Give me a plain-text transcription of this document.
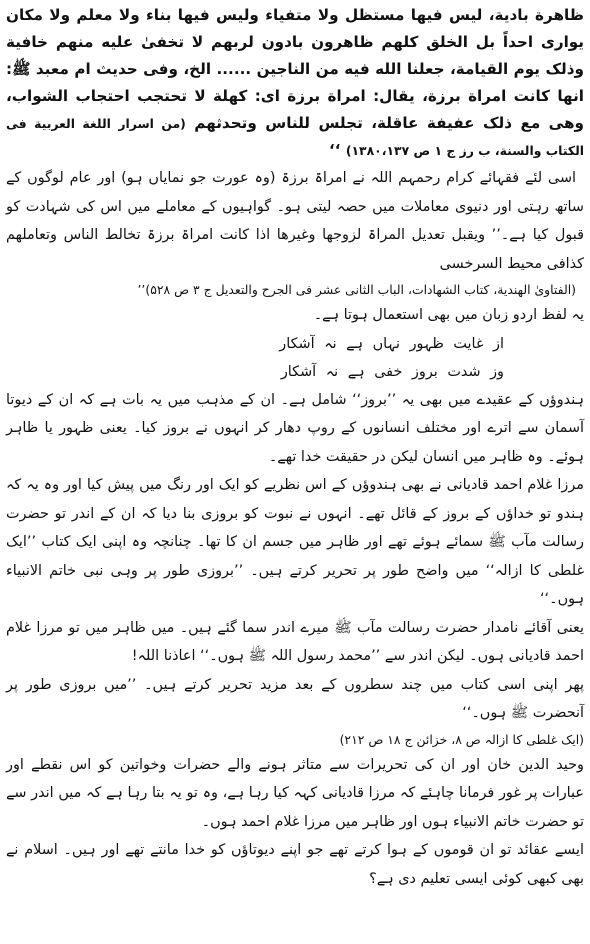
ظاھرة بادیة، لیس فیھا مستظل ولا متفیاء ولیس فیھا بناء ولا معلم ولا مکان یواری احداً بل الخلق کلھم ظاھرون بادون لربھم لا تخفیٰ علیه منھم خافیة وذلک یوم القیامة، جعلنا الله فیه من الناجین ...... الخ، وفی حدیث ام معبد ﷺ: انھا کانت امراة برزة، یقال: امراة برزة ای: کھلة لا تحتجب احتجاب الشواب، وھی مع ذلک عفیفة عاقلة، تجلس للناس وتحدثھم (من اسرار اللغة العربیة فی الکتاب والسنة، ب رز ج ۱ ص ۱۳۸۰،۱۳۷) ‘‘

اسی لئے فقہائے کرام رحمہم اللہ نے امراۃ برزۃ (وہ عورت جو نمایاں ہو) اور عام لوگوں کے ساتھ رہتی اور دنیوی معاملات میں حصہ لیتی ہو۔ گواہیوں کے معاملے میں اس کی شہادت کو قبول کیا ہے۔’’ ویقبل تعدیل المراۃ لزوجھا وغیرھا اذا کانت امراۃ برزۃ تخالط الناس وتعاملھم کذافی محیط السرخسی
(الفتاویٰ الھندیة، کتاب الشھادات، الباب الثانی عشر فی الجرح والتعدیل ج ۳ ص ۵۲۸)’’

یہ لفظ اردو زبان میں بھی استعمال ہوتا ہے۔

از غایت ظہور نہاں ہے نہ آشکار
وز شدت بروز خفی ہے نہ آشکار

ہندوؤں کے عقیدے میں بھی یہ ’’بروز‘‘ شامل ہے۔ ان کے مذہب میں یہ بات ہے کہ ان کے دیوتا آسمان سے اترے اور مختلف انسانوں کے روپ دھار کر انہوں نے بروز کیا۔ یعنی ظہور یا ظاہر ہوئے۔ وہ ظاہر میں انسان لیکن در حقیقت خدا تھے۔

مرزا غلام احمد قادیانی نے بھی ہندوؤں کے اس نظریے کو ایک اور رنگ میں پیش کیا اور وہ یہ کہ ہندو تو خداؤں کے بروز کے قائل تھے۔ انہوں نے نبوت کو بروزی بنا دیا کہ ان کے اندر تو حضرت رسالت مآب ﷺ سمائے ہوئے تھے اور ظاہر میں جسم ان کا تھا۔ چنانچہ وہ اپنی ایک کتاب ’’ایک غلطی کا ازالہ‘‘ میں واضح طور پر تحریر کرتے ہیں۔ ’’بروزی طور پر وہی نبی خاتم الانبیاء ہوں۔‘‘

یعنی آقائے نامدار حضرت رسالت مآب ﷺ میرے اندر سما گئے ہیں۔ میں ظاہر میں تو مرزا غلام احمد قادیانی ہوں۔ لیکن اندر سے ’’محمد رسول اللہ ﷺ ہوں۔‘‘ اعاذنا اللہ!

پھر اپنی اسی کتاب میں چند سطروں کے بعد مزید تحریر کرتے ہیں۔ ’’میں بروزی طور پر آنحضرت ﷺ ہوں۔‘‘
(ایک غلطی کا ازالہ ص ۸، خزائن ج ۱۸ ص ۲۱۲)

وحید الدین خان اور ان کی تحریرات سے متاثر ہونے والے حضرات وخواتین کو اس نقطے اور عبارات پر غور فرمانا چاہئے کہ مرزا قادیانی کہہ کیا رہا ہے، وہ تو یہ بتا رہا ہے کہ میں اندر سے تو حضرت خاتم الانبیاء ہوں اور ظاہر میں مرزا غلام احمد ہوں۔

ایسے عقائد تو ان قوموں کے ہوا کرتے تھے جو اپنے دیوتاؤں کو خدا مانتے تھے اور ہیں۔ اسلام نے بھی کبھی کوئی ایسی تعلیم دی ہے؟
